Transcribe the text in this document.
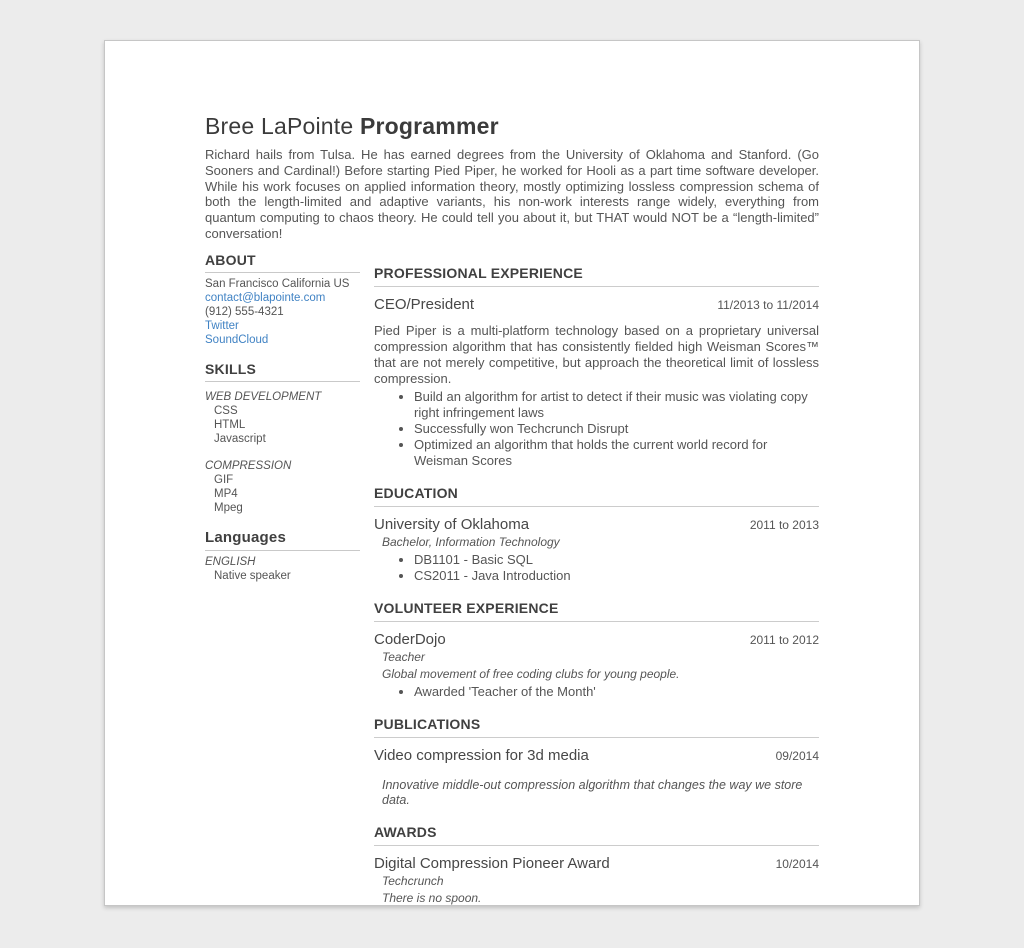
Bree LaPointe Programmer

Richard hails from Tulsa. He has earned degrees from the University of Oklahoma and Stanford. (Go Sooners and Cardinal!) Before starting Pied Piper, he worked for Hooli as a part time software developer. While his work focuses on applied information theory, mostly optimizing lossless compression schema of both the length-limited and adaptive variants, his non-work interests range widely, everything from quantum computing to chaos theory. He could tell you about it, but THAT would NOT be a “length-limited” conversation!

ABOUT
San Francisco California US
contact@blapointe.com
(912) 555-4321
Twitter
SoundCloud
SKILLS
WEB DEVELOPMENT
CSS
HTML
Javascript
COMPRESSION
GIF
MP4
Mpeg
Languages
ENGLISH
Native speaker
PROFESSIONAL EXPERIENCE
CEO/President	11/2013 to 11/2014

Pied Piper is a multi-platform technology based on a proprietary universal compression algorithm that has consistently fielded high Weisman Scores™ that are not merely competitive, but approach the theoretical limit of lossless compression.

• Build an algorithm for artist to detect if their music was violating copy right infringement laws
• Successfully won Techcrunch Disrupt
• Optimized an algorithm that holds the current world record for Weisman Scores
EDUCATION
University of Oklahoma	2011 to 2013
Bachelor, Information Technology
• DB1101 - Basic SQL
• CS2011 - Java Introduction
VOLUNTEER EXPERIENCE
CoderDojo	2011 to 2012
Teacher
Global movement of free coding clubs for young people.
• Awarded 'Teacher of the Month'
PUBLICATIONS
Video compression for 3d media	09/2014
Innovative middle-out compression algorithm that changes the way we store data.
AWARDS
Digital Compression Pioneer Award	10/2014
Techcrunch
There is no spoon.
